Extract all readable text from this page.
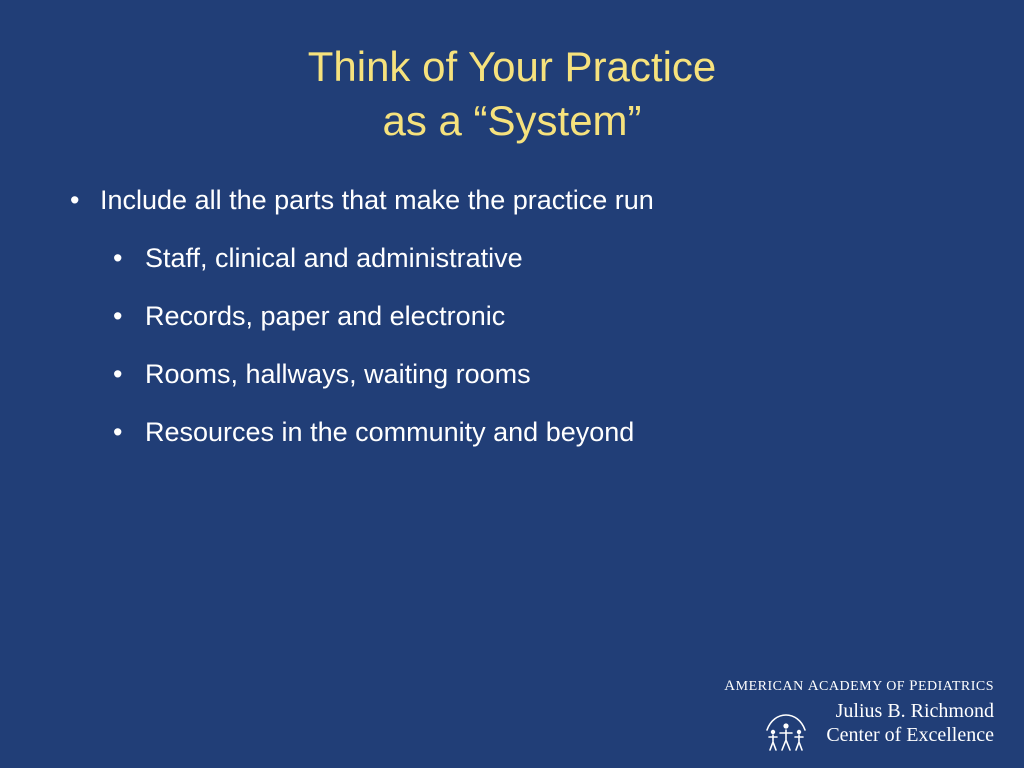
Think of Your Practice
as a “System”
• Include all the parts that make the practice run
• Staff, clinical and administrative
• Records, paper and electronic
• Rooms, hallways, waiting rooms
• Resources in the community and beyond
AMERICAN ACADEMY OF PEDIATRICS
Julius B. Richmond
Center of Excellence
